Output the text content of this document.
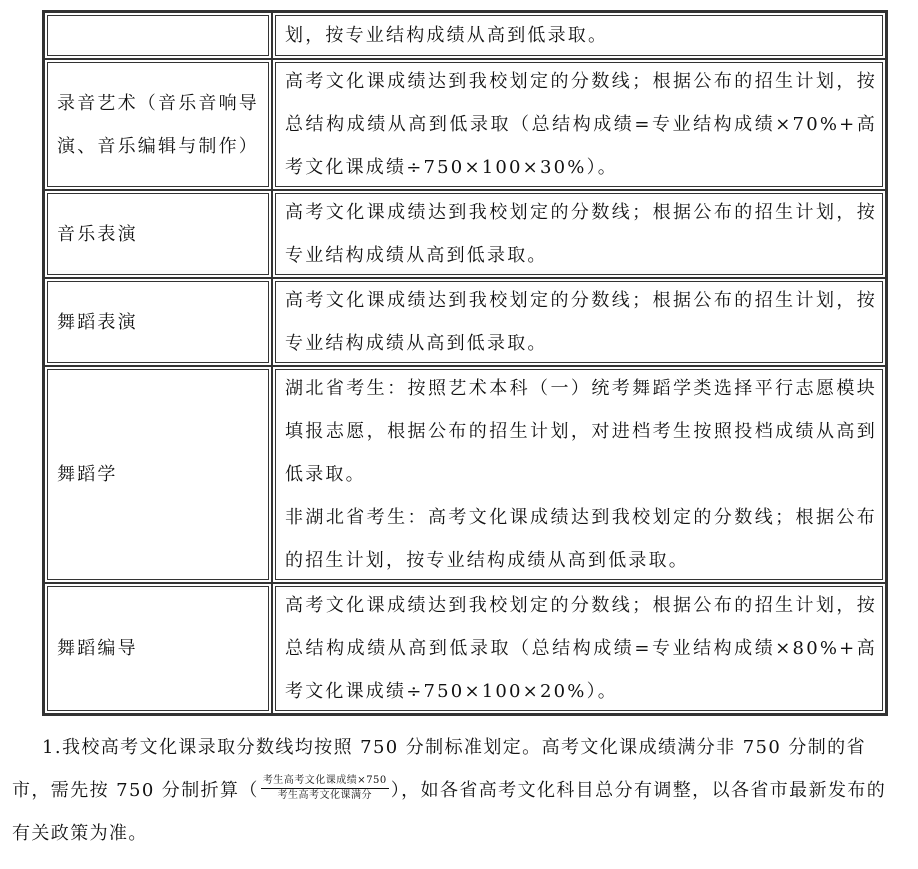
	划，按专业结构成绩从高到低录取。

录音艺术（音乐音响导演、音乐编辑与制作）	高考文化课成绩达到我校划定的分数线；根据公布的招生计划，按总结构成绩从高到低录取（总结构成绩=专业结构成绩×70%+高考文化课成绩÷750×100×30%）。

音乐表演	高考文化课成绩达到我校划定的分数线；根据公布的招生计划，按专业结构成绩从高到低录取。

舞蹈表演	高考文化课成绩达到我校划定的分数线；根据公布的招生计划，按专业结构成绩从高到低录取。

舞蹈学	湖北省考生：按照艺术本科（一）统考舞蹈学类选择平行志愿模块填报志愿，根据公布的招生计划，对进档考生按照投档成绩从高到低录取。
非湖北省考生：高考文化课成绩达到我校划定的分数线；根据公布的招生计划，按专业结构成绩从高到低录取。

舞蹈编导	高考文化课成绩达到我校划定的分数线；根据公布的招生计划，按总结构成绩从高到低录取（总结构成绩=专业结构成绩×80%+高考文化课成绩÷750×100×20%）。
1.我校高考文化课录取分数线均按照 750 分制标准划定。高考文化课成绩满分非 750 分制的省市，需先按 750 分制折算（ $\frac{\text{考生高考文化课成绩×750}}{\text{考生高考文化课满分}}$ ），如各省高考文化科目总分有调整，以各省市最新发布的有关政策为准。
